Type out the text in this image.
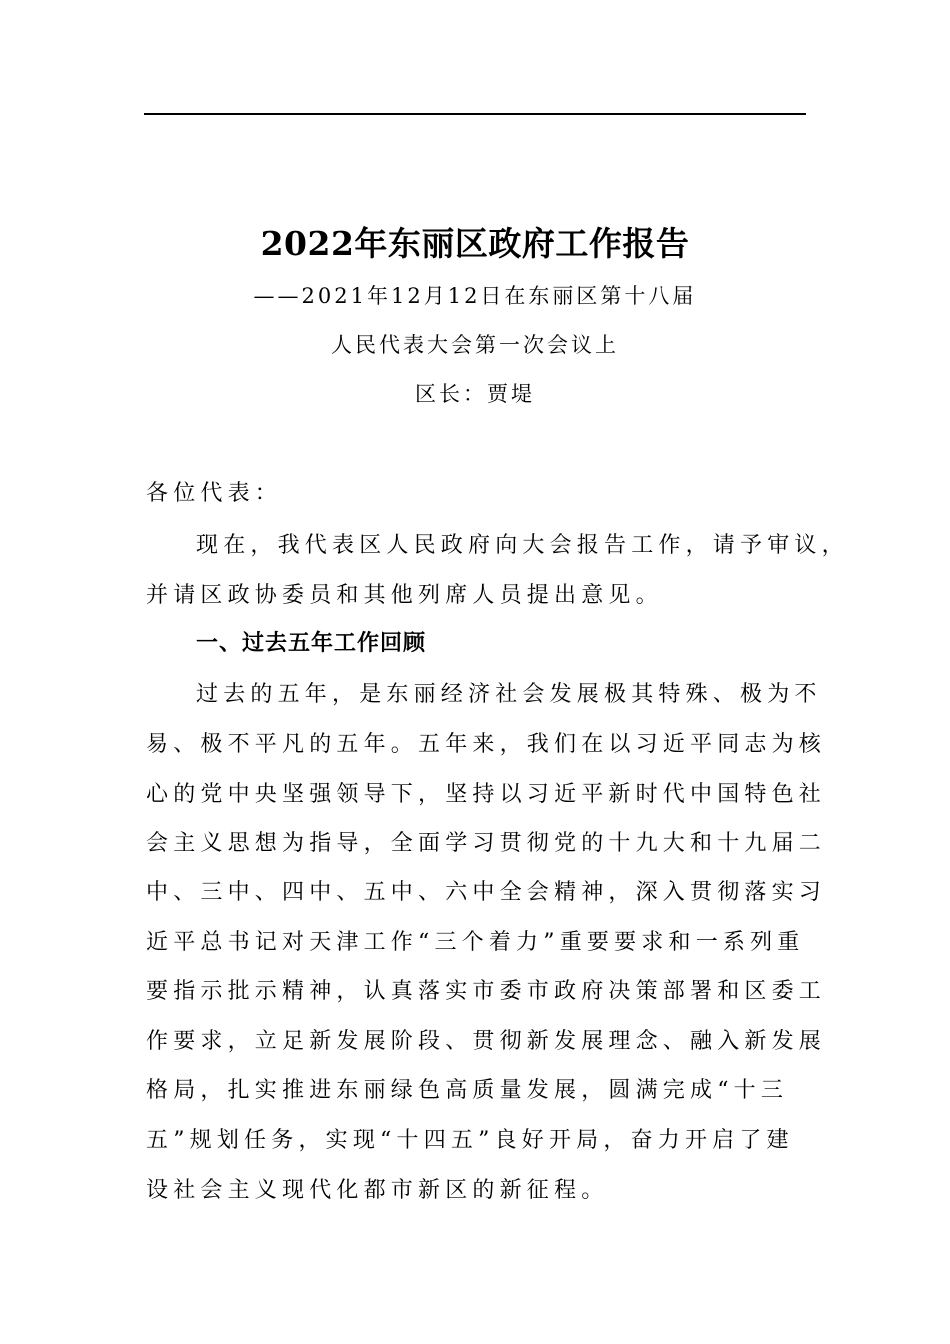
2022年东丽区政府工作报告
——2021年12月12日在东丽区第十八届
人民代表大会第一次会议上
区长：贾堤
各位代表：
现在，我代表区人民政府向大会报告工作，请予审议，
并请区政协委员和其他列席人员提出意见。
一、过去五年工作回顾
过去的五年，是东丽经济社会发展极其特殊、极为不
易、极不平凡的五年。五年来，我们在以习近平同志为核
心的党中央坚强领导下，坚持以习近平新时代中国特色社
会主义思想为指导，全面学习贯彻党的十九大和十九届二
中、三中、四中、五中、六中全会精神，深入贯彻落实习
近平总书记对天津工作“三个着力”重要要求和一系列重
要指示批示精神，认真落实市委市政府决策部署和区委工
作要求，立足新发展阶段、贯彻新发展理念、融入新发展
格局，扎实推进东丽绿色高质量发展，圆满完成“十三
五”规划任务，实现“十四五”良好开局，奋力开启了建
设社会主义现代化都市新区的新征程。
